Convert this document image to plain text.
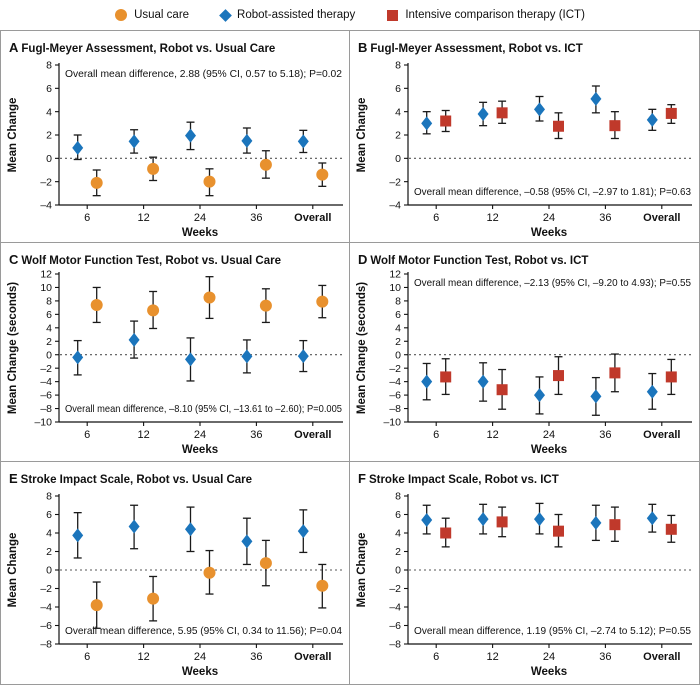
Usual care	Robot-assisted therapy	Intensive comparison therapy (ICT)
A Fugl-Meyer Assessment, Robot vs. Usual Care
–4
–2
0
2
4
6
8
6	12	24	36	Overall
Weeks
Mean Change
Overall mean difference, 2.88 (95% CI, 0.57 to 5.18); P=0.02
B Fugl-Meyer Assessment, Robot vs. ICT
–4
–2
0
2
4
6
8
6	12	24	36	Overall
Weeks
Mean Change
Overall mean difference, –0.58 (95% CI, –2.97 to 1.81); P=0.63
C Wolf Motor Function Test, Robot vs. Usual Care
–10
–8
–6
–4
–2
0
2
4
6
8
10
12
6	12	24	36	Overall
Weeks
Mean Change (seconds)	Overall mean difference, –8.10 (95% CI, –13.61 to –2.60); P=0.005
D Wolf Motor Function Test, Robot vs. ICT
–10
–8
–6
–4
–2
0
2
4
6
8
10
12
6	12	24	36	Overall
Weeks
Mean Change (seconds)	Overall mean difference, –2.13 (95% CI, –9.20 to 4.93); P=0.55
E Stroke Impact Scale, Robot vs. Usual Care
–8
–6
–4
–2
0
2
4
6
8
6	12	24	36	Overall
Weeks
Mean Change
Overall mean difference, 5.95 (95% CI, 0.34 to 11.56); P=0.04
F Stroke Impact Scale, Robot vs. ICT
–8
–6
–4
–2
0
2
4
6
8
6	12	24	36	Overall
Weeks
Mean Change
Overall mean difference, 1.19 (95% CI, –2.74 to 5.12); P=0.55
